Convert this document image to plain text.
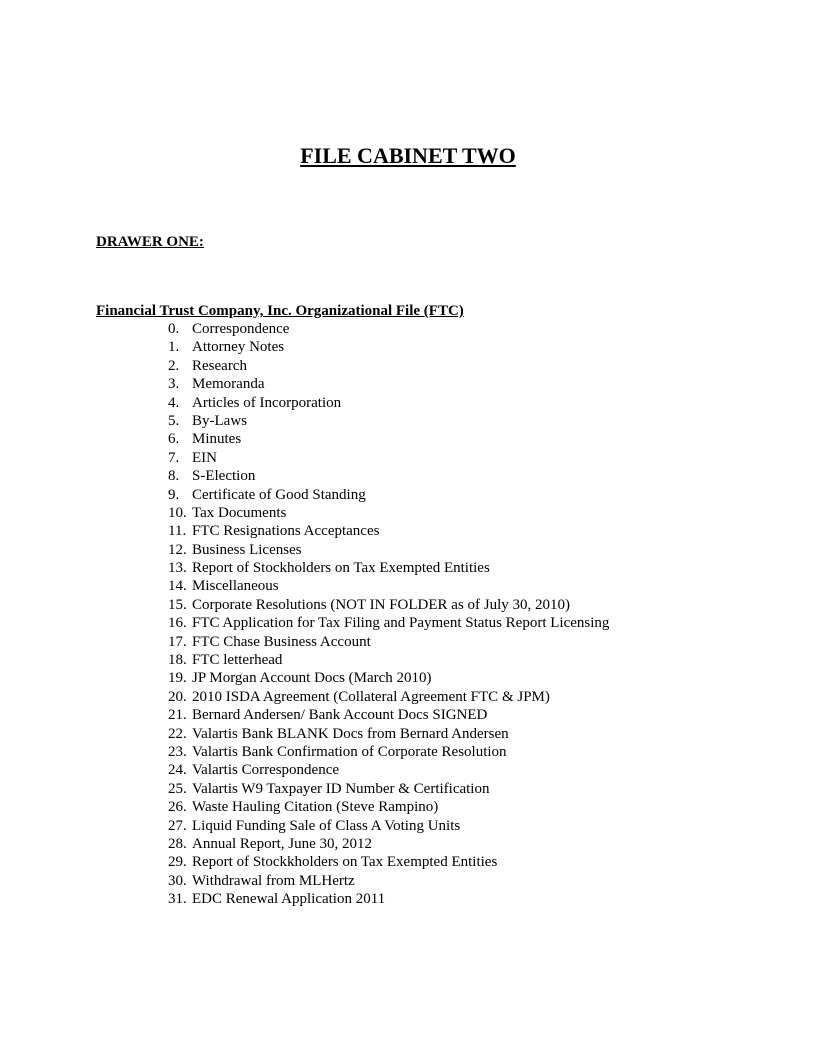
FILE CABINET TWO
DRAWER ONE:
Financial Trust Company, Inc. Organizational File (FTC)
0. Correspondence
1. Attorney Notes
2. Research
3. Memoranda
4. Articles of Incorporation
5. By-Laws
6. Minutes
7. EIN
8. S-Election
9. Certificate of Good Standing
10. Tax Documents
11. FTC Resignations Acceptances
12. Business Licenses
13. Report of Stockholders on Tax Exempted Entities
14. Miscellaneous
15. Corporate Resolutions (NOT IN FOLDER as of July 30, 2010)
16. FTC Application for Tax Filing and Payment Status Report Licensing
17. FTC Chase Business Account
18. FTC letterhead
19. JP Morgan Account Docs (March 2010)
20. 2010 ISDA Agreement (Collateral Agreement FTC & JPM)
21. Bernard Andersen/ Bank Account Docs SIGNED
22. Valartis Bank BLANK Docs from Bernard Andersen
23. Valartis Bank Confirmation of Corporate Resolution
24. Valartis Correspondence
25. Valartis W9 Taxpayer ID Number & Certification
26. Waste Hauling Citation (Steve Rampino)
27. Liquid Funding Sale of Class A Voting Units
28. Annual Report, June 30, 2012
29. Report of Stockkholders on Tax Exempted Entities
30. Withdrawal from MLHertz
31. EDC Renewal Application 2011
